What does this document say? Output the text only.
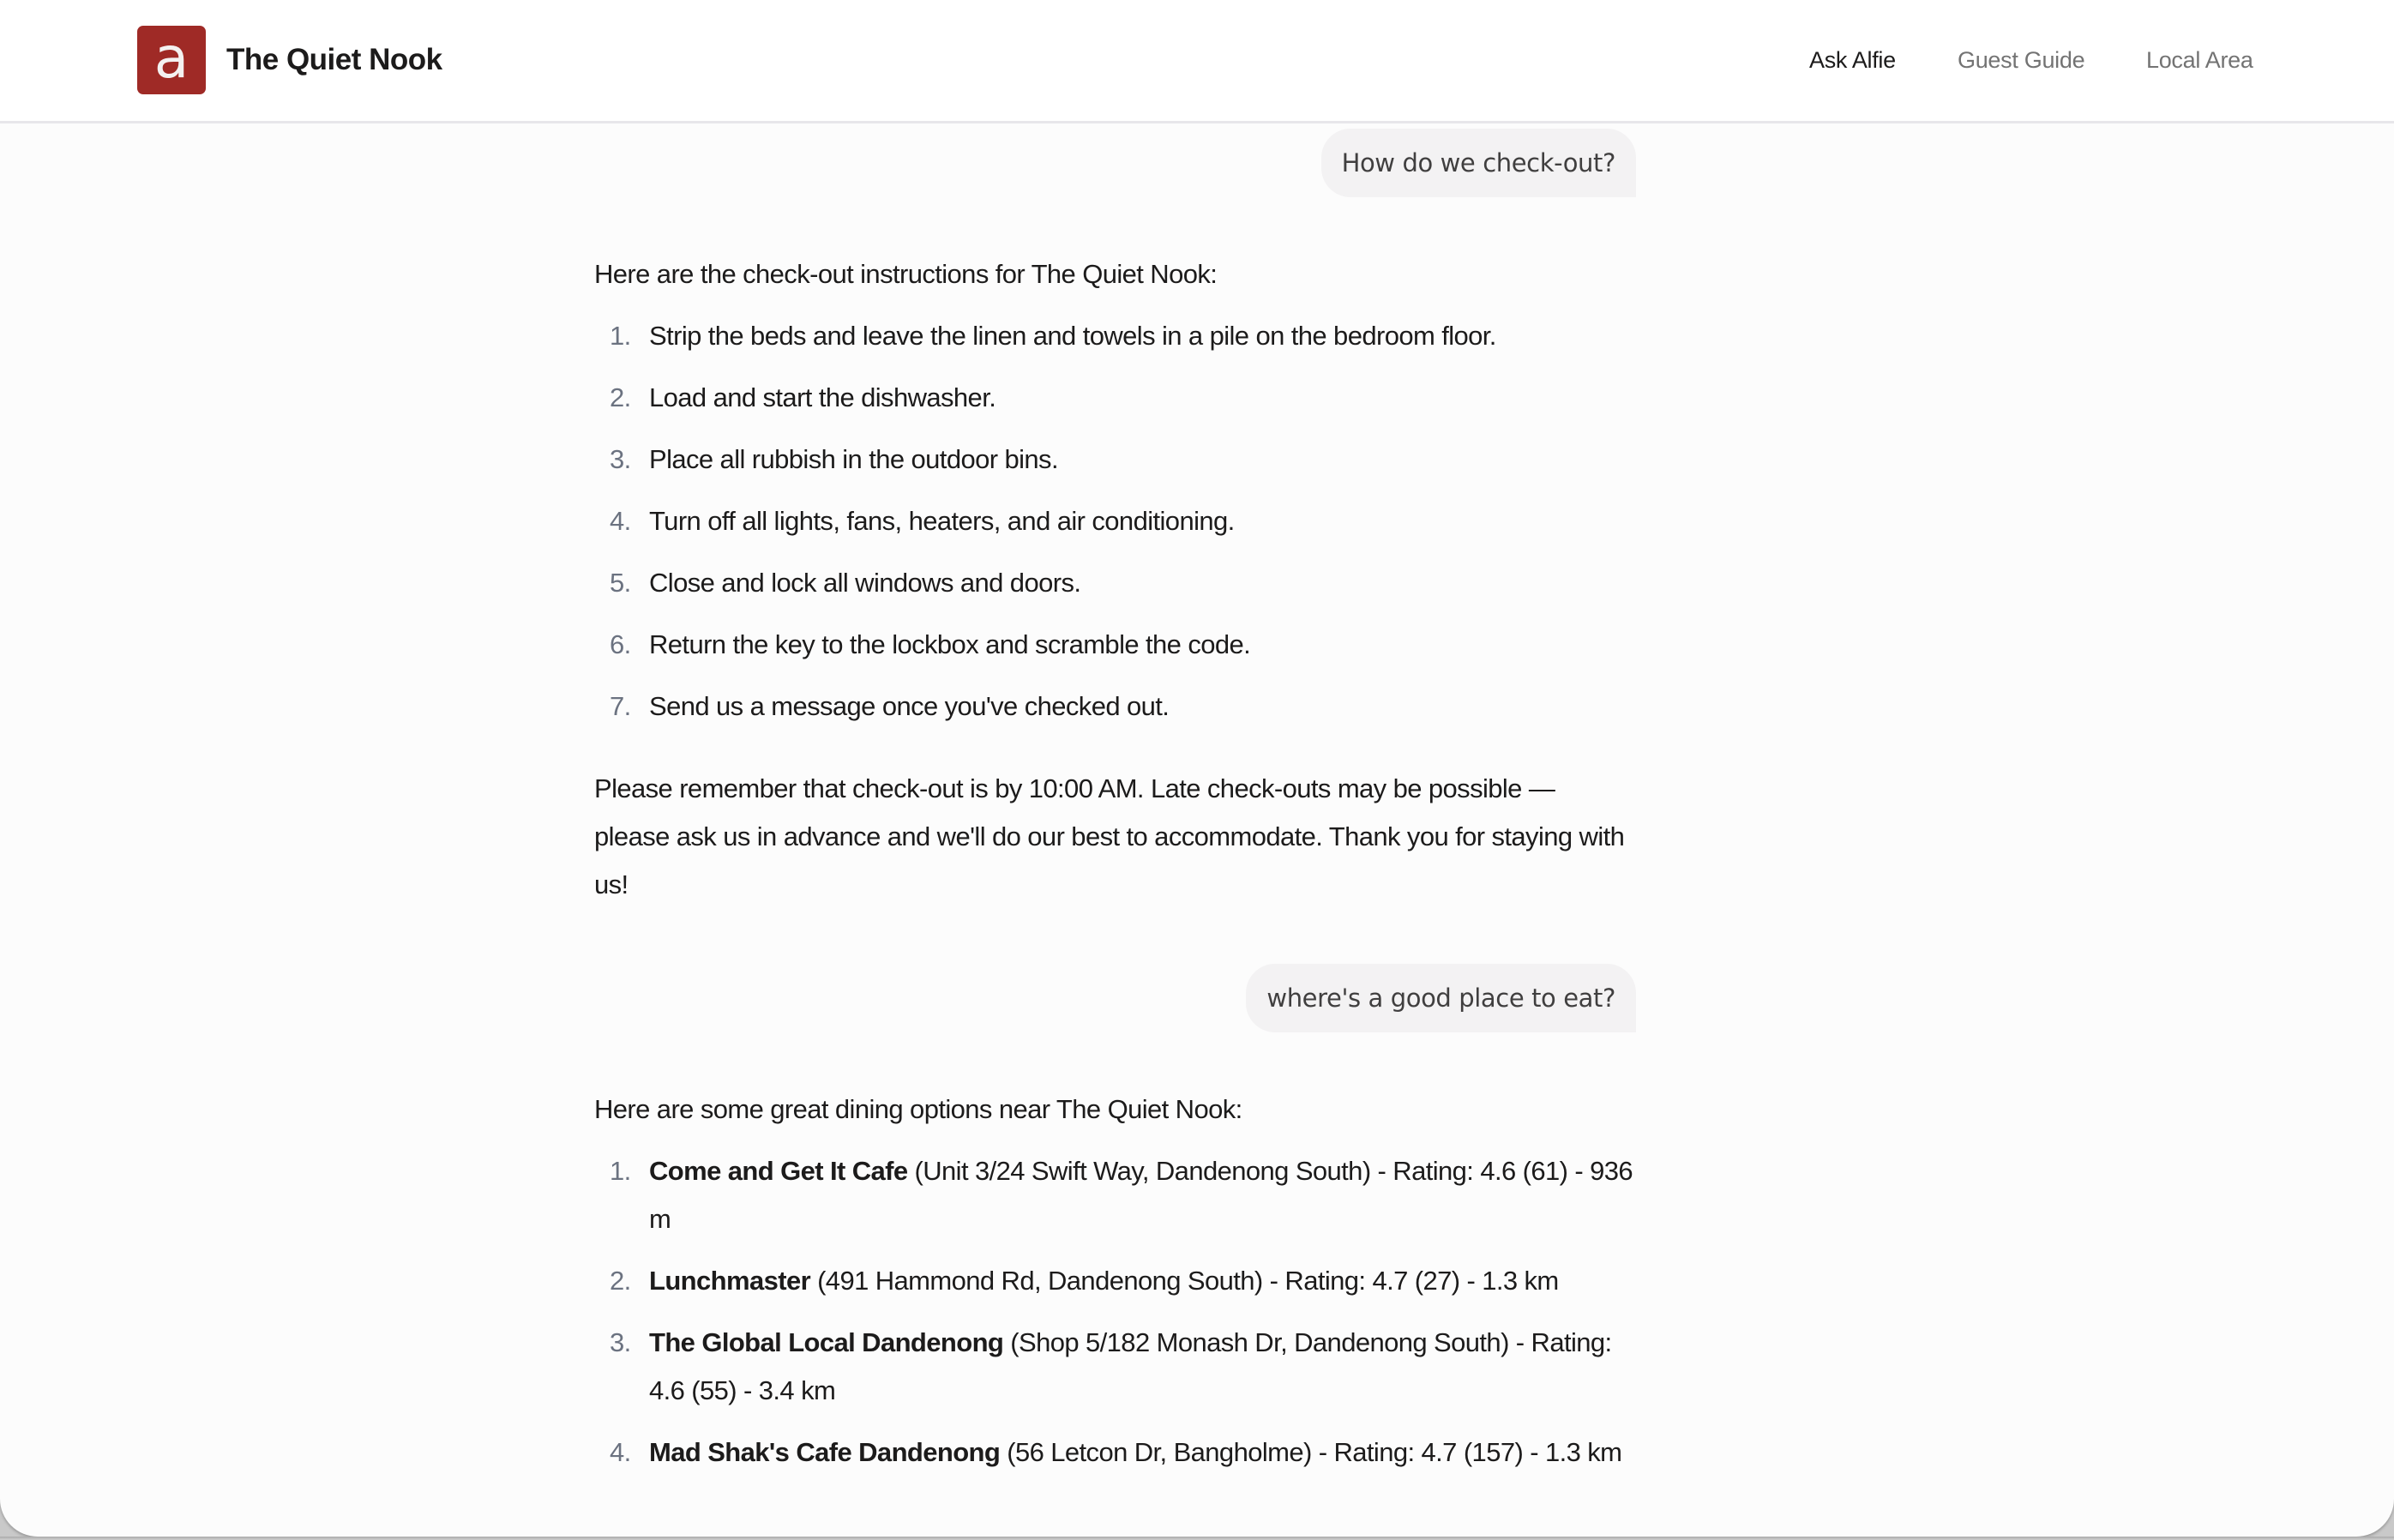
a	The Quiet Nook	Ask Alfie	Guest Guide	Local Area
How do we check-out?

Here are the check-out instructions for The Quiet Nook:

1. Strip the beds and leave the linen and towels in a pile on the bedroom floor.
2. Load and start the dishwasher.
3. Place all rubbish in the outdoor bins.
4. Turn off all lights, fans, heaters, and air conditioning.
5. Close and lock all windows and doors.
6. Return the key to the lockbox and scramble the code.
7. Send us a message once you've checked out.

Please remember that check-out is by 10:00 AM. Late check-outs may be possible — please ask us in advance and we'll do our best to accommodate. Thank you for staying with us!

where's a good place to eat?

Here are some great dining options near The Quiet Nook:

1. Come and Get It Cafe (Unit 3/24 Swift Way, Dandenong South) - Rating: 4.6 (61) - 936 m
2. Lunchmaster (491 Hammond Rd, Dandenong South) - Rating: 4.7 (27) - 1.3 km
3. The Global Local Dandenong (Shop 5/182 Monash Dr, Dandenong South) - Rating: 4.6 (55) - 3.4 km
4. Mad Shak's Cafe Dandenong (56 Letcon Dr, Bangholme) - Rating: 4.7 (157) - 1.3 km
